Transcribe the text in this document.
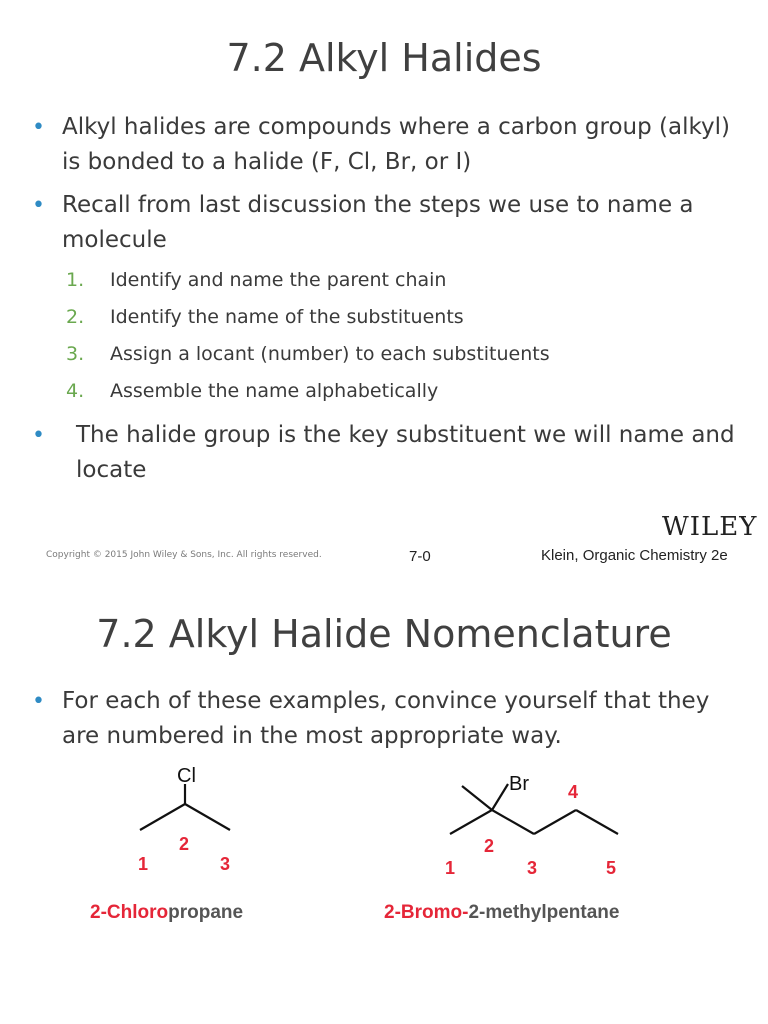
7.2 Alkyl Halides
• Alkyl halides are compounds where a carbon group (alkyl) is bonded to a halide (F, Cl, Br, or I)
• Recall from last discussion the steps we use to name a molecule
1. Identify and name the parent chain
2. Identify the name of the substituents
3. Assign a locant (number) to each substituents
4. Assemble the name alphabetically
• The halide group is the key substituent we will name and locate
WILEY
Copyright © 2015 John Wiley & Sons, Inc. All rights reserved.	7-0	Klein, Organic Chemistry 2e
7.2 Alkyl Halide Nomenclature
• For each of these examples, convince yourself that they are numbered in the most appropriate way.
Cl
1
2
3
2-Chloropropane
Br
1
2
3
4
5
2-Bromo-2-methylpentane
